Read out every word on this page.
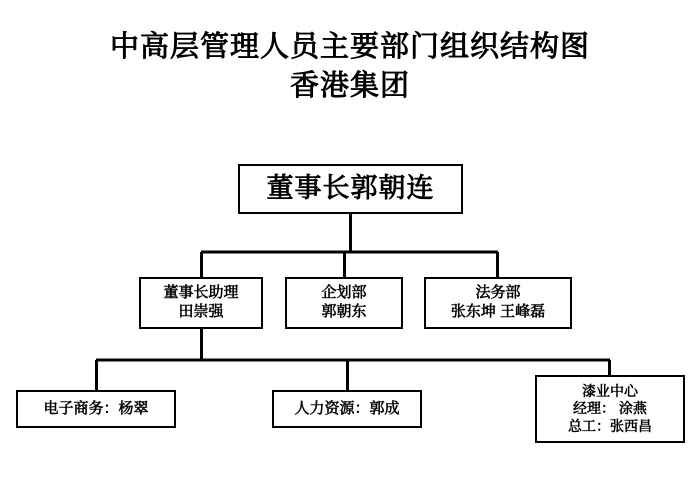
中高层管理人员主要部门组织结构图
香港集团
董事长郭朝连
董事长助理
田崇强
企划部
郭朝东
法务部
张东坤 王峰磊
电子商务：杨翠	人力资源：郭成
漆业中心
经理： 涂燕
总工：张西昌
